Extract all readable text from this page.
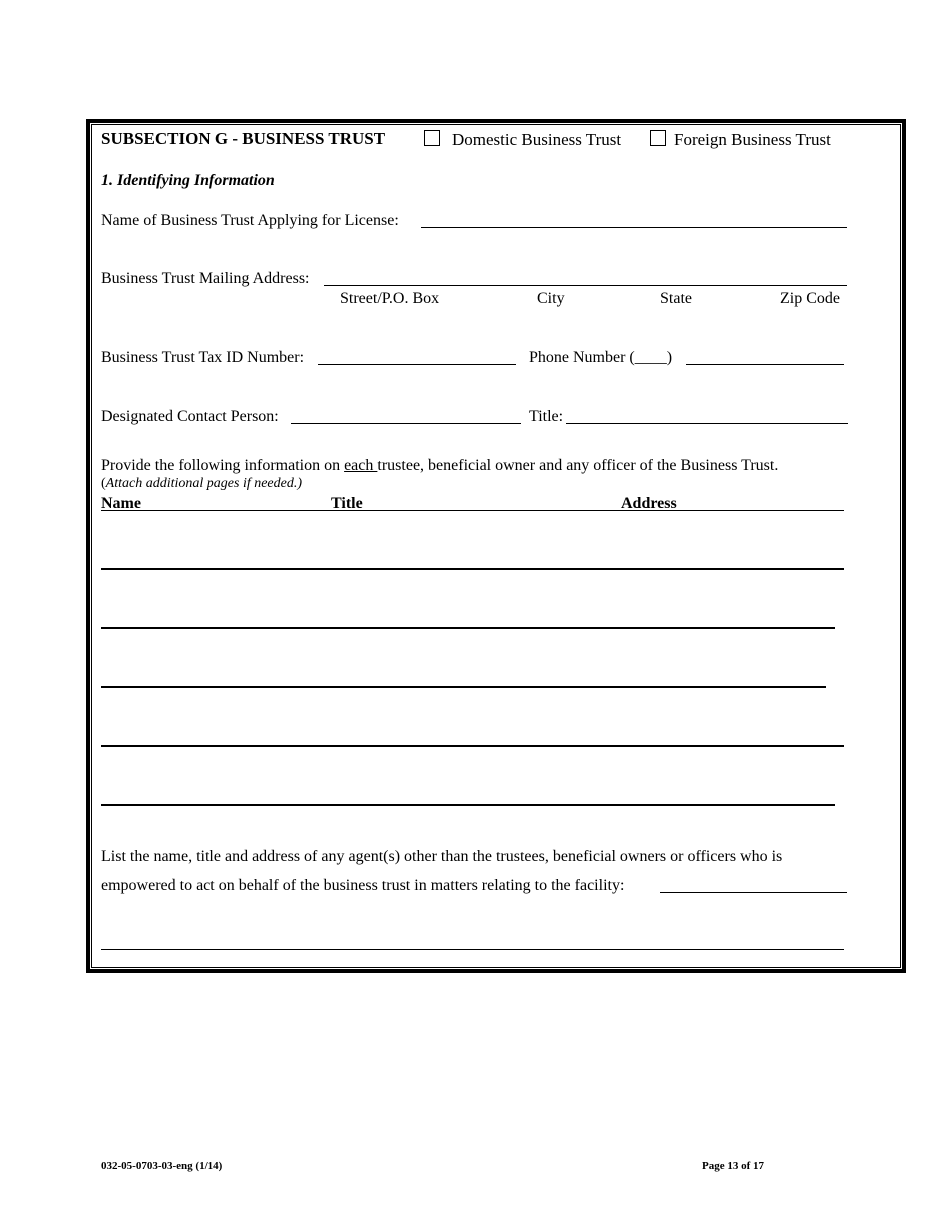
SUBSECTION G - BUSINESS TRUST	Domestic Business Trust	Foreign Business Trust
1. Identifying Information
Name of Business Trust Applying for License:
Business Trust Mailing Address:
Street/P.O. Box	City	State	Zip Code
Business Trust Tax ID Number:	Phone Number (____)
Designated Contact Person:	Title:
Provide the following information on each trustee, beneficial owner and any officer of the Business Trust.
(Attach additional pages if needed.)
Name	Title	Address
List the name, title and address of any agent(s) other than the trustees, beneficial owners or officers who is
empowered to act on behalf of the business trust in matters relating to the facility:
032-05-0703-03-eng (1/14)	Page 13 of 17
